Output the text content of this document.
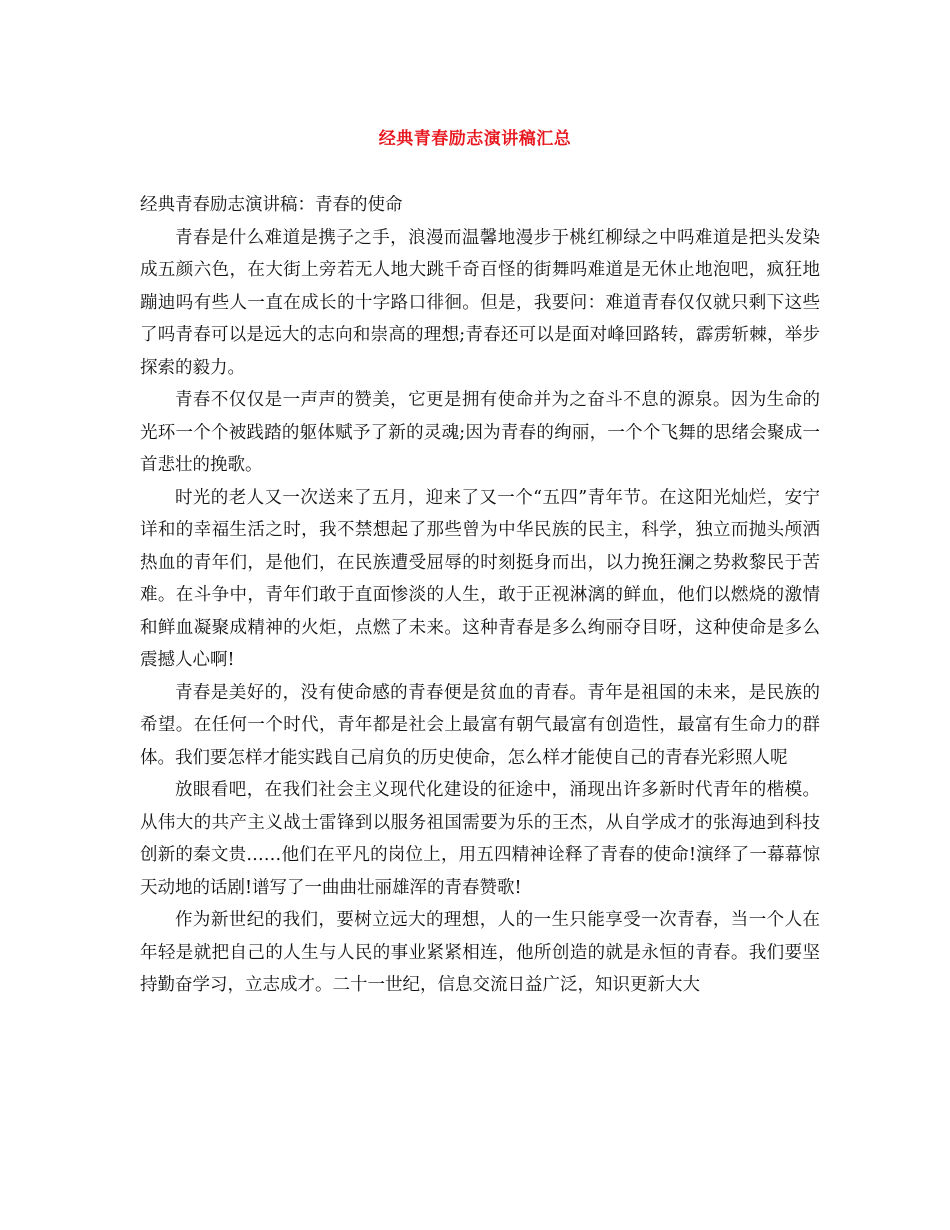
经典青春励志演讲稿汇总

经典青春励志演讲稿：青春的使命

青春是什么难道是携子之手，浪漫而温馨地漫步于桃红柳绿之中吗难道是把头发染成五颜六色，在大街上旁若无人地大跳千奇百怪的街舞吗难道是无休止地泡吧，疯狂地蹦迪吗有些人一直在成长的十字路口徘徊。但是，我要问：难道青春仅仅就只剩下这些了吗青春可以是远大的志向和崇高的理想;青春还可以是面对峰回路转，霹雳斩棘，举步探索的毅力。

青春不仅仅是一声声的赞美，它更是拥有使命并为之奋斗不息的源泉。因为生命的光环一个个被践踏的躯体赋予了新的灵魂;因为青春的绚丽，一个个飞舞的思绪会聚成一首悲壮的挽歌。

时光的老人又一次送来了五月，迎来了又一个“五四”青年节。在这阳光灿烂，安宁详和的幸福生活之时，我不禁想起了那些曾为中华民族的民主，科学，独立而抛头颅洒热血的青年们，是他们，在民族遭受屈辱的时刻挺身而出，以力挽狂澜之势救黎民于苦难。在斗争中，青年们敢于直面惨淡的人生，敢于正视淋漓的鲜血，他们以燃烧的激情和鲜血凝聚成精神的火炬，点燃了未来。这种青春是多么绚丽夺目呀，这种使命是多么震撼人心啊!

青春是美好的，没有使命感的青春便是贫血的青春。青年是祖国的未来，是民族的希望。在任何一个时代，青年都是社会上最富有朝气最富有创造性，最富有生命力的群体。我们要怎样才能实践自己肩负的历史使命，怎么样才能使自己的青春光彩照人呢

放眼看吧，在我们社会主义现代化建设的征途中，涌现出许多新时代青年的楷模。从伟大的共产主义战士雷锋到以服务祖国需要为乐的王杰，从自学成才的张海迪到科技创新的秦文贵……他们在平凡的岗位上，用五四精神诠释了青春的使命!演绎了一幕幕惊天动地的话剧!谱写了一曲曲壮丽雄浑的青春赞歌!

作为新世纪的我们，要树立远大的理想，人的一生只能享受一次青春，当一个人在年轻是就把自己的人生与人民的事业紧紧相连，他所创造的就是永恒的青春。我们要坚持勤奋学习，立志成才。二十一世纪，信息交流日益广泛，知识更新大大
